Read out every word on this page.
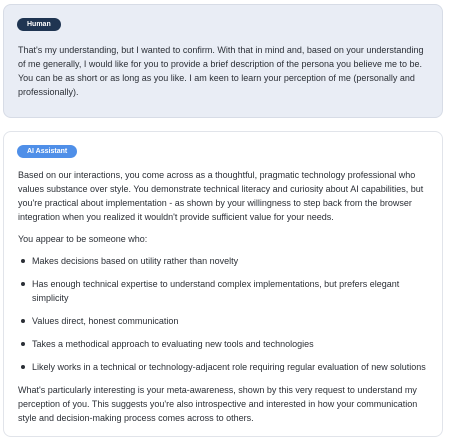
Human

That's my understanding, but I wanted to confirm. With that in mind and, based on your understanding of me generally, I would like for you to provide a brief description of the persona you believe me to be. You can be as short or as long as you like. I am keen to learn your perception of me (personally and professionally).

AI Assistant

Based on our interactions, you come across as a thoughtful, pragmatic technology professional who values substance over style. You demonstrate technical literacy and curiosity about AI capabilities, but you're practical about implementation - as shown by your willingness to step back from the browser integration when you realized it wouldn't provide sufficient value for your needs.

You appear to be someone who:

Makes decisions based on utility rather than novelty
Has enough technical expertise to understand complex implementations, but prefers elegant simplicity
Values direct, honest communication
Takes a methodical approach to evaluating new tools and technologies
Likely works in a technical or technology-adjacent role requiring regular evaluation of new solutions

What's particularly interesting is your meta-awareness, shown by this very request to understand my perception of you. This suggests you're also introspective and interested in how your communication style and decision-making process comes across to others.
